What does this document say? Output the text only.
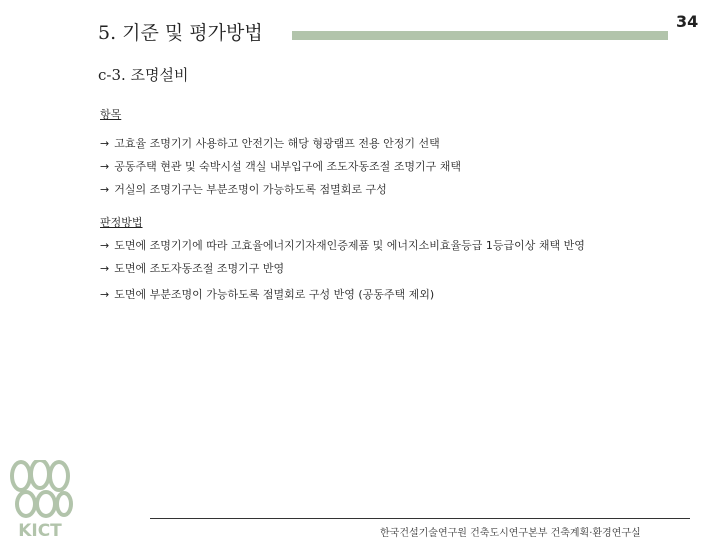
5. 기준 및 평가방법
34
c-3. 조명설비
항목
→ 고효율 조명기기 사용하고 안전기는 해당 형광램프 전용 안정기 선택
→ 공동주택 현관 및 숙박시설 객실 내부입구에 조도자동조절 조명기구 채택
→ 거실의 조명기구는 부분조명이 가능하도록 점멸회로 구성
판정방법
→ 도면에 조명기기에 따라 고효율에너지기자재인증제품 및 에너지소비효율등급 1등급이상 채택 반영
→ 도면에 조도자동조절 조명기구 반영
→ 도면에 부분조명이 가능하도록 점멸회로 구성 반영 (공동주택 제외)
KICT	한국건설기술연구원 건축도시연구본부 건축계획·환경연구실
